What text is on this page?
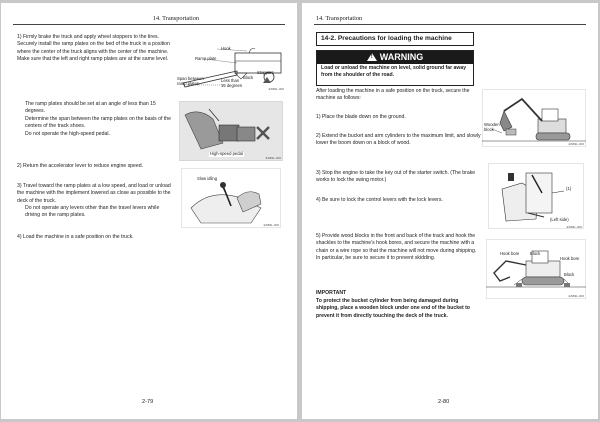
14. Transportation
1) Firmly brake the truck and apply wheel stoppers to the tires. Securely install the ramp plates on the bed of the truck in a position where the center of the truck aligns with the center of the machine. Make sure that the left and right ramp plates are at the same level.
Hook
Ramp plate
Span between
ramp plates
Less than
15 degrees
Block
Stoppers
ESB3L-000
The ramp plates should be set at an angle of less than 15 degrees.
Determine the span between the ramp plates on the basis of the centers of the track shoes.
Do not operate the high-speed pedal.
High-speed pedal
ESB3L-000
2) Return the accelerator lever to reduce engine speed.
3) Travel toward the ramp plates at a low speed, and load or unload the machine with the implement lowered as close as possible to the deck of the truck.
Do not operate any levers other than the travel levers while driving on the ramp plates.
Slow idling
ESB3L-000
4) Load the machine in a safe position on the truck.
2-79
14. Transportation
14-2. Precautions for loading the machine
!WARNING
Load or unload the machine on level, solid ground far away from the shoulder of the road.
After loading the machine in a safe position on the truck, secure the machine as follows:
Wooden
block
ESB3L-000
1) Place the blade down on the ground.
2) Extend the bucket and arm cylinders to the maximum limit, and slowly lower the boom down on a block of wood.
3) Stop the engine to take the key out of the starter switch. (The brake works to lock the swing motor.)
4) Be sure to lock the control levers with the lock levers.
(1)
(Left side)
ESB3L-000
5) Provide wood blocks in the front and back of the track and hook the shackles to the machine's hook bores, and secure the machine with a chain or a wire rope so that the machine will not move during shipping. In particular, be sure to secure it to prevent skidding.
IMPORTANT
To protect the bucket cylinder from being damaged during shipping, place a wooden block under one end of the bucket to prevent it from directly touching the deck of the truck.
Hook bore	Block
Hook bore
Block
ESB3L-000
2-80
